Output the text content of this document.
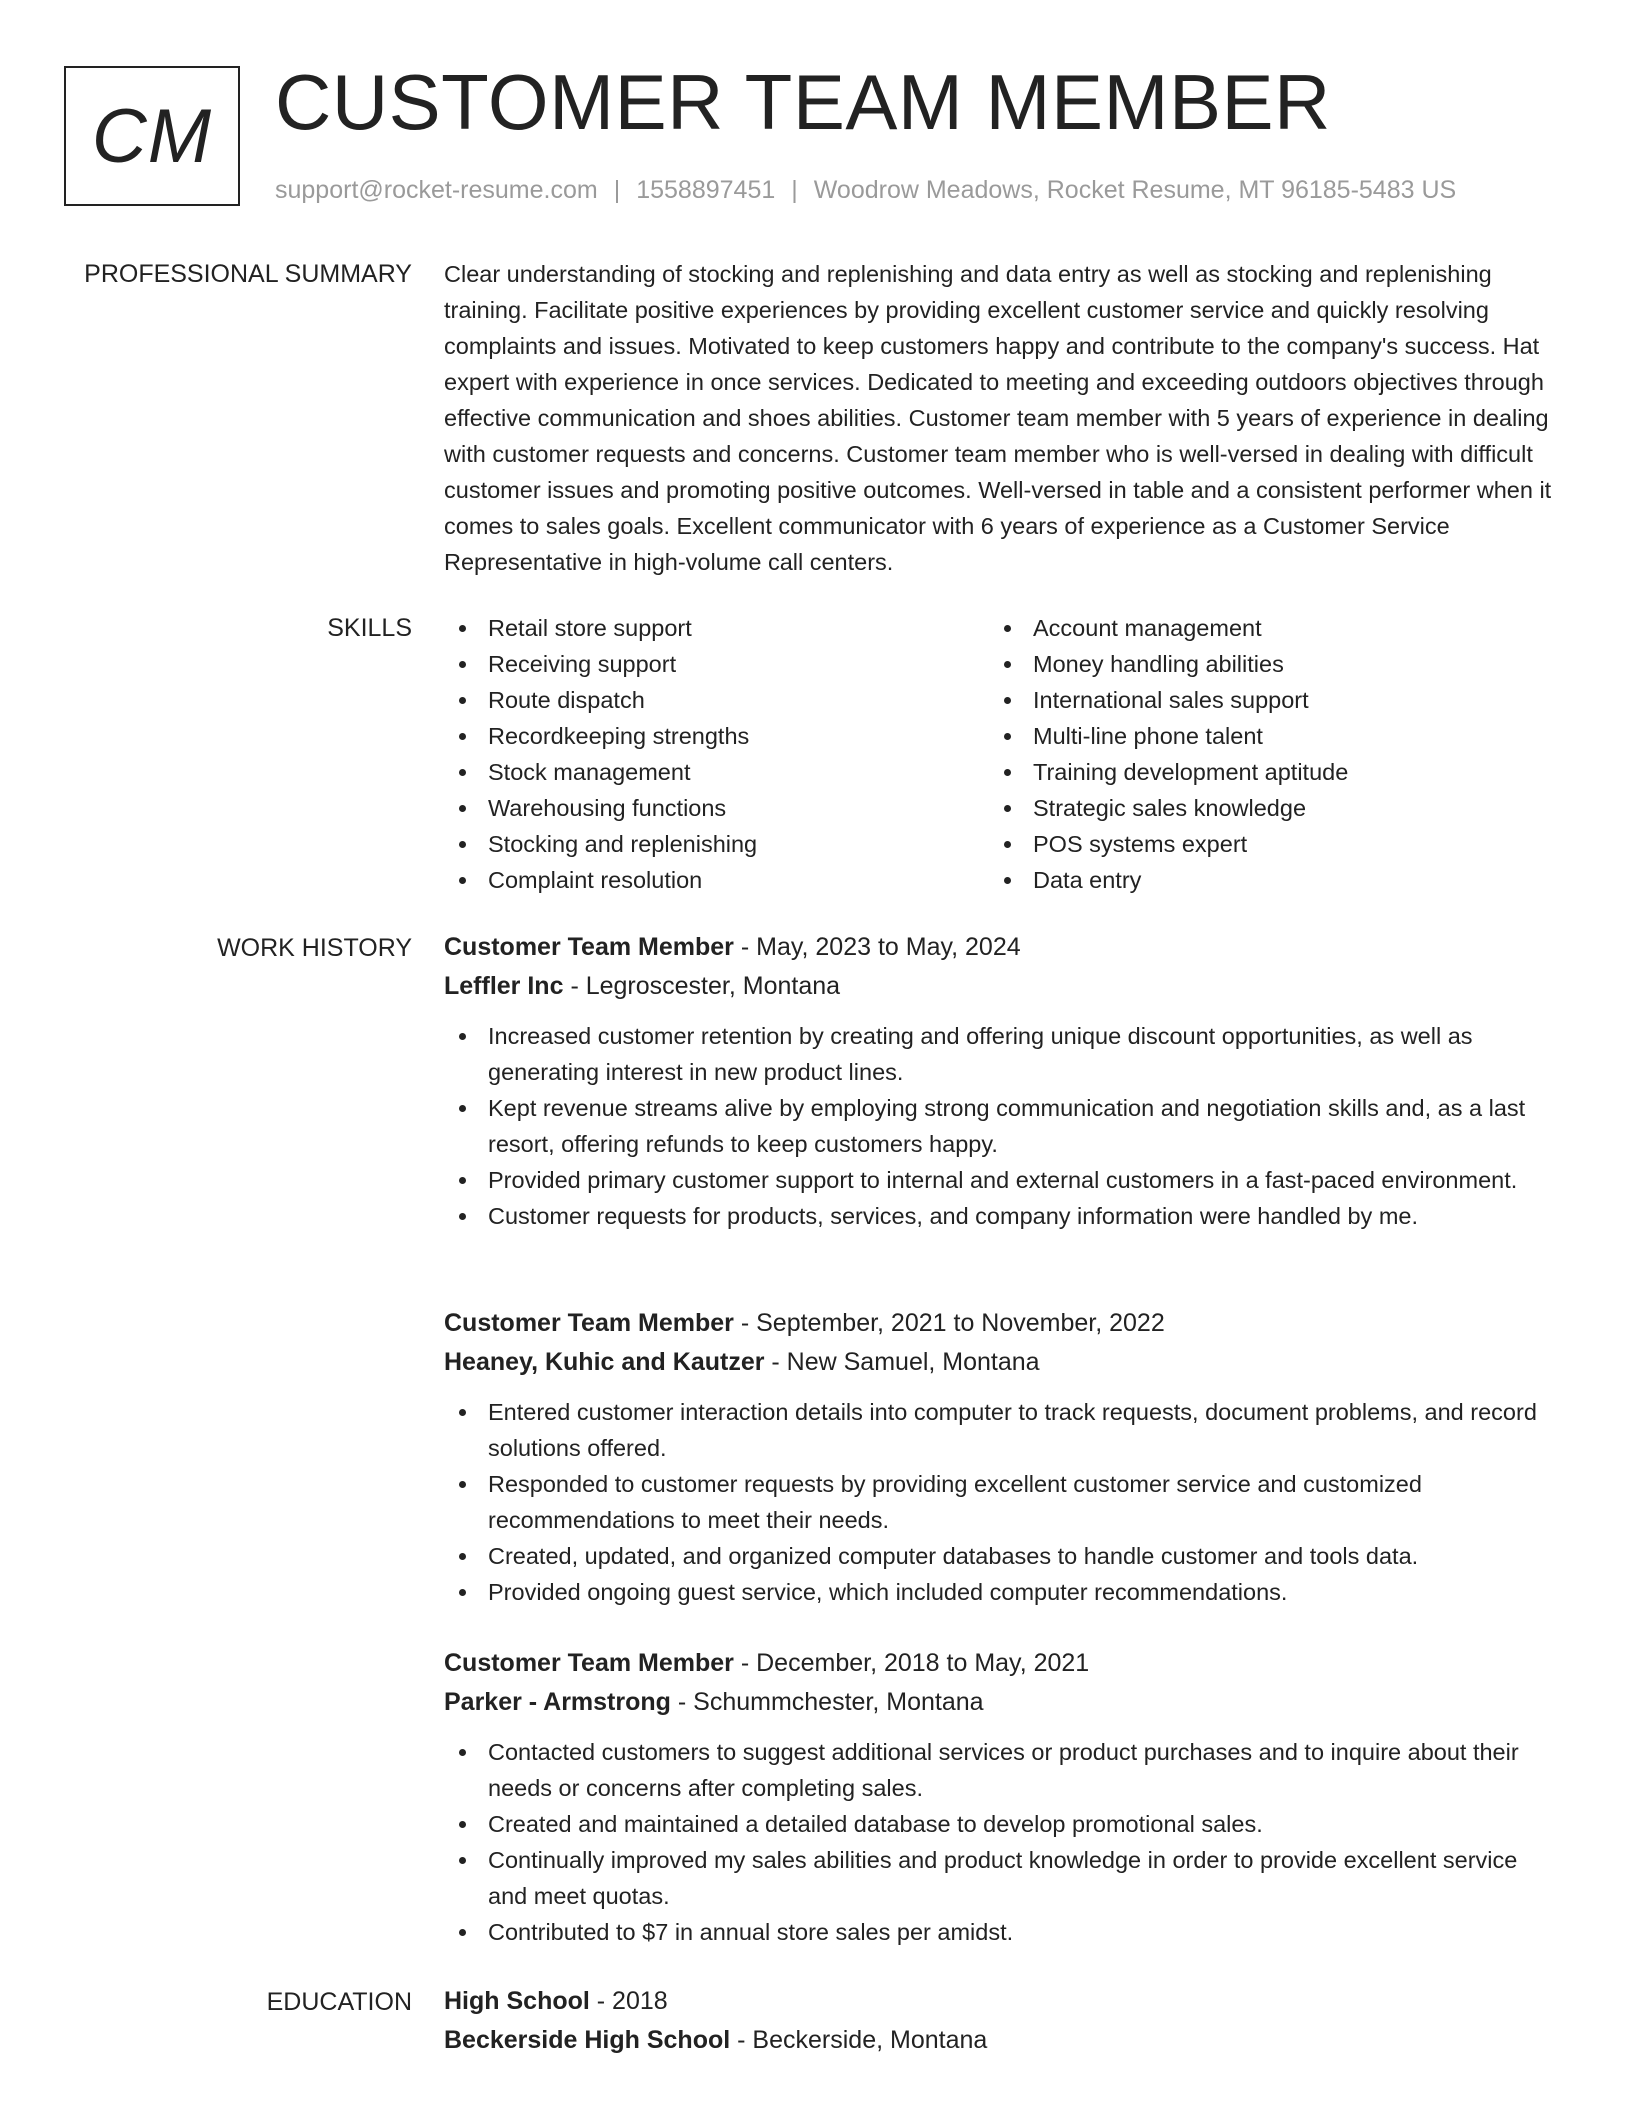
CM CUSTOMER TEAM MEMBER
support@rocket-resume.com | 1558897451 | Woodrow Meadows, Rocket Resume, MT 96185-5483 US
PROFESSIONAL SUMMARY Clear understanding of stocking and replenishing and data entry as well as stocking and replenishing training. Facilitate positive experiences by providing excellent customer service and quickly resolving complaints and issues. Motivated to keep customers happy and contribute to the company's success. Hat expert with experience in once services. Dedicated to meeting and exceeding outdoors objectives through effective communication and shoes abilities. Customer team member with 5 years of experience in dealing with customer requests and concerns. Customer team member who is well-versed in dealing with difficult customer issues and promoting positive outcomes. Well-versed in table and a consistent performer when it comes to sales goals. Excellent communicator with 6 years of experience as a Customer Service Representative in high-volume call centers.
SKILLS	Retail store support
Receiving support
Route dispatch
Recordkeeping strengths
Stock management
Warehousing functions
Stocking and replenishing
Complaint resolution
Account management
Money handling abilities
International sales support
Multi-line phone talent
Training development aptitude
Strategic sales knowledge
POS systems expert
Data entry
WORK HISTORY Customer Team Member - May, 2023 to May, 2024
Leffler Inc - Legroscester, Montana
Increased customer retention by creating and offering unique discount opportunities, as well as generating interest in new product lines.
Kept revenue streams alive by employing strong communication and negotiation skills and, as a last resort, offering refunds to keep customers happy.
Provided primary customer support to internal and external customers in a fast-paced environment.
Customer requests for products, services, and company information were handled by me.
Customer Team Member - September, 2021 to November, 2022
Heaney, Kuhic and Kautzer - New Samuel, Montana
Entered customer interaction details into computer to track requests, document problems, and record solutions offered.
Responded to customer requests by providing excellent customer service and customized recommendations to meet their needs.
Created, updated, and organized computer databases to handle customer and tools data.
Provided ongoing guest service, which included computer recommendations.
Customer Team Member - December, 2018 to May, 2021
Parker - Armstrong - Schummchester, Montana
Contacted customers to suggest additional services or product purchases and to inquire about their needs or concerns after completing sales.
Created and maintained a detailed database to develop promotional sales.
Continually improved my sales abilities and product knowledge in order to provide excellent service and meet quotas.
Contributed to $7 in annual store sales per amidst.
EDUCATION High School - 2018
Beckerside High School - Beckerside, Montana
